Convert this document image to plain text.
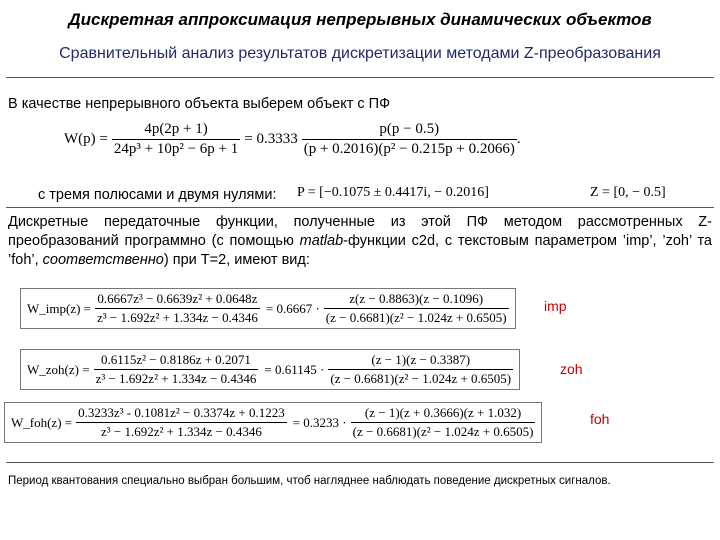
Дискретная аппроксимация непрерывных динамических объектов
Сравнительный анализ результатов дискретизации методами Z-преобразования
В качестве непрерывного объекта выберем объект с ПФ
$W(p) = \frac{4p(2p + 1)}{\text{24p³ + 10p² − 6p + 1}} = 0.3333 \frac{p(p - 0.5)}{\text{(p + 0.2016)(p² − 0.215p + 0.2066)}}$ .
с тремя полюсами и двумя нулями: P = [−0.1075 ± 0.4417i, − 0.2016]	Z = [0, − 0.5]
Дискретные передаточные функции, полученные из этой ПФ методом рассмотренных Z-преобразований программно (с помощью matlab-функции c2d, с текстовым параметром ’imp’, ’zoh’ та ’foh’, соответственно) при T=2, имеют вид:
W_imp(z) = $\frac{\text{0.6667z³ − 0.6639z² + 0.0648z}}{\text{z³ − 1.692z² + 1.334z − 0.4346}} = 0.6667 \cdot \frac{z(z - 0.8863)(z - 0.1096)}{\text{(z − 0.6681)(z² − 1.024z + 0.6505)}}$	imp
W_zoh(z) = $\frac{\text{0.6115z² − 0.8186z + 0.2071}}{\text{z³ − 1.692z² + 1.334z − 0.4346}} = 0.61145 \cdot \frac{(z - 1)(z - 0.3387)}{\text{(z − 0.6681)(z² − 1.024z + 0.6505)}}$	zoh
W_foh(z) = $\frac{\text{0.3233z³ - 0.1081z² − 0.3374z + 0.1223}}{\text{z³ − 1.692z² + 1.334z − 0.4346}} = 0.3233 \cdot \frac{(z - 1)(z + 0.3666)(z + 1.032)}{\text{(z − 0.6681)(z² − 1.024z + 0.6505)}}$	foh
Период квантования специально выбран большим, чтоб нагляднее наблюдать поведение дискретных сигналов.
